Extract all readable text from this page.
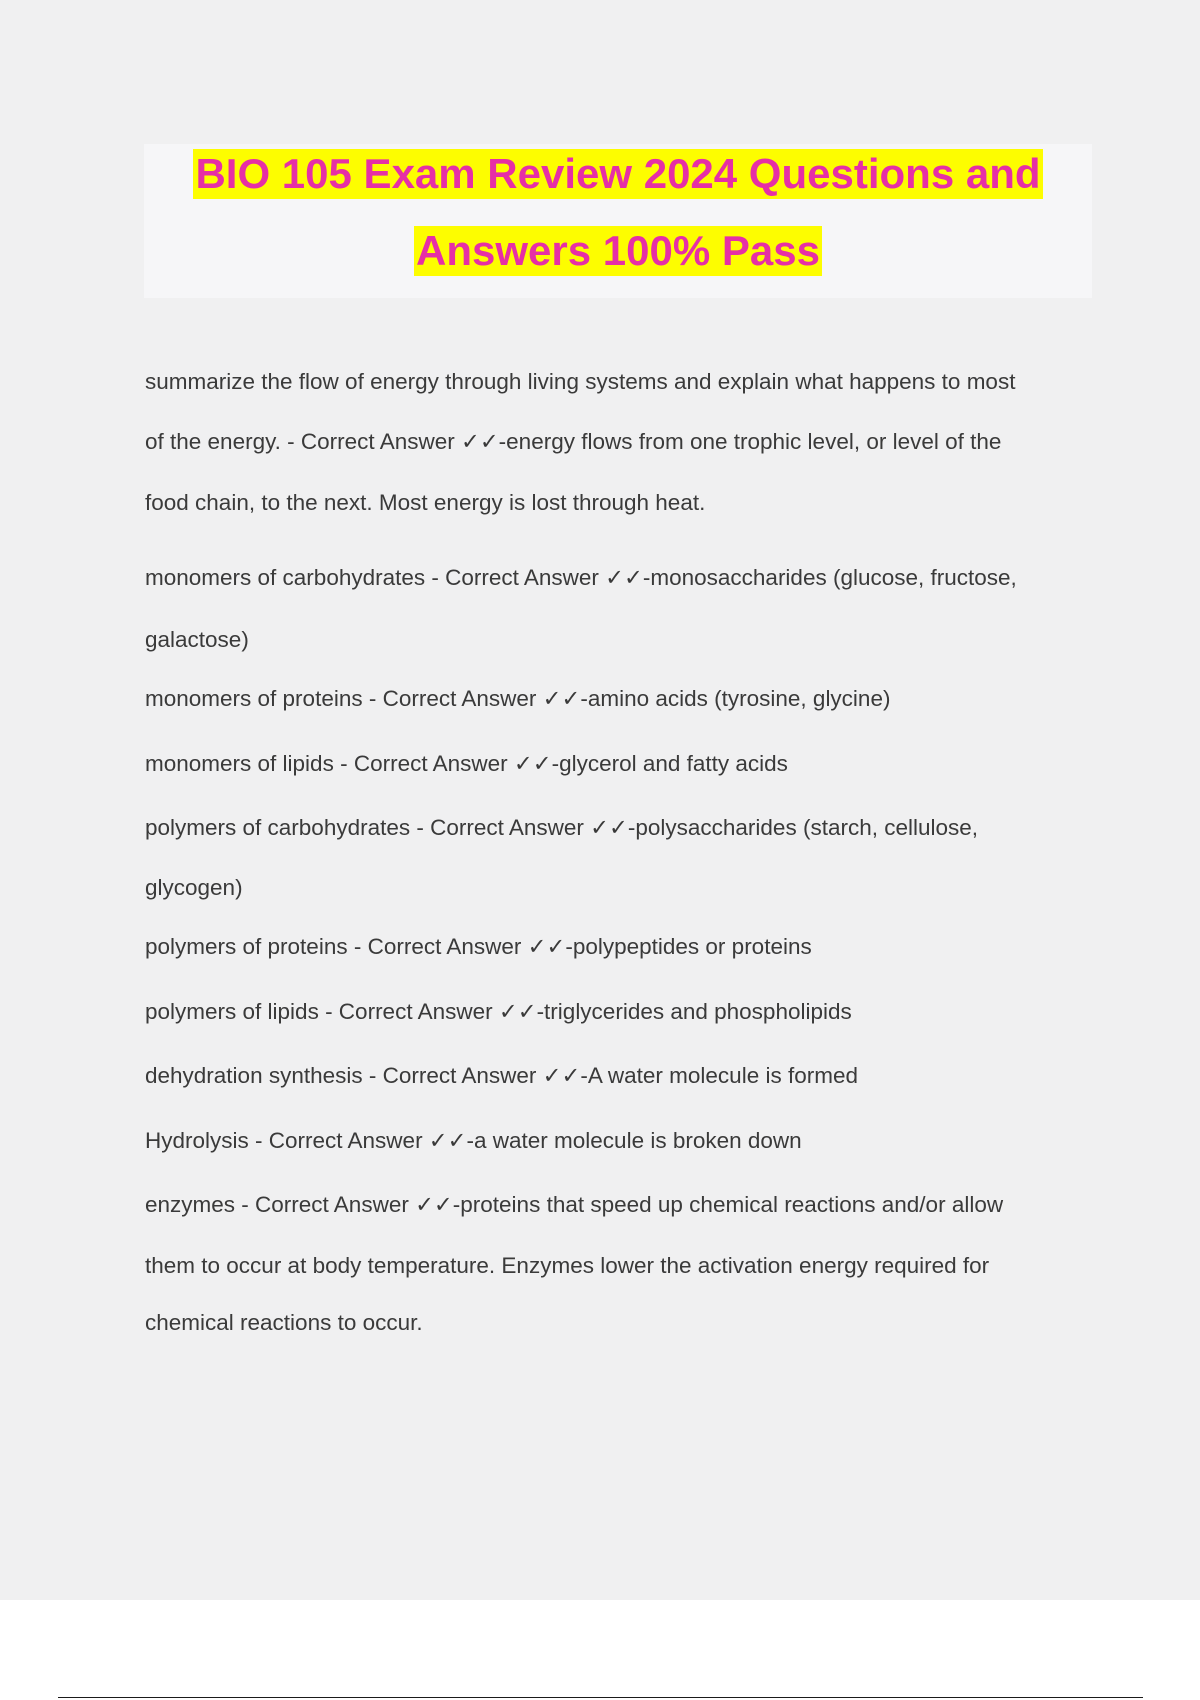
BIO 105 Exam Review 2024 Questions and
Answers 100% Pass
summarize the flow of energy through living systems and explain what happens to most
of the energy. - Correct Answer ✓✓-energy flows from one trophic level, or level of the
food chain, to the next. Most energy is lost through heat.
monomers of carbohydrates - Correct Answer ✓✓-monosaccharides (glucose, fructose,
galactose)
monomers of proteins - Correct Answer ✓✓-amino acids (tyrosine, glycine)
monomers of lipids - Correct Answer ✓✓-glycerol and fatty acids
polymers of carbohydrates - Correct Answer ✓✓-polysaccharides (starch, cellulose,
glycogen)
polymers of proteins - Correct Answer ✓✓-polypeptides or proteins
polymers of lipids - Correct Answer ✓✓-triglycerides and phospholipids
dehydration synthesis - Correct Answer ✓✓-A water molecule is formed
Hydrolysis - Correct Answer ✓✓-a water molecule is broken down
enzymes - Correct Answer ✓✓-proteins that speed up chemical reactions and/or allow
them to occur at body temperature. Enzymes lower the activation energy required for
chemical reactions to occur.
